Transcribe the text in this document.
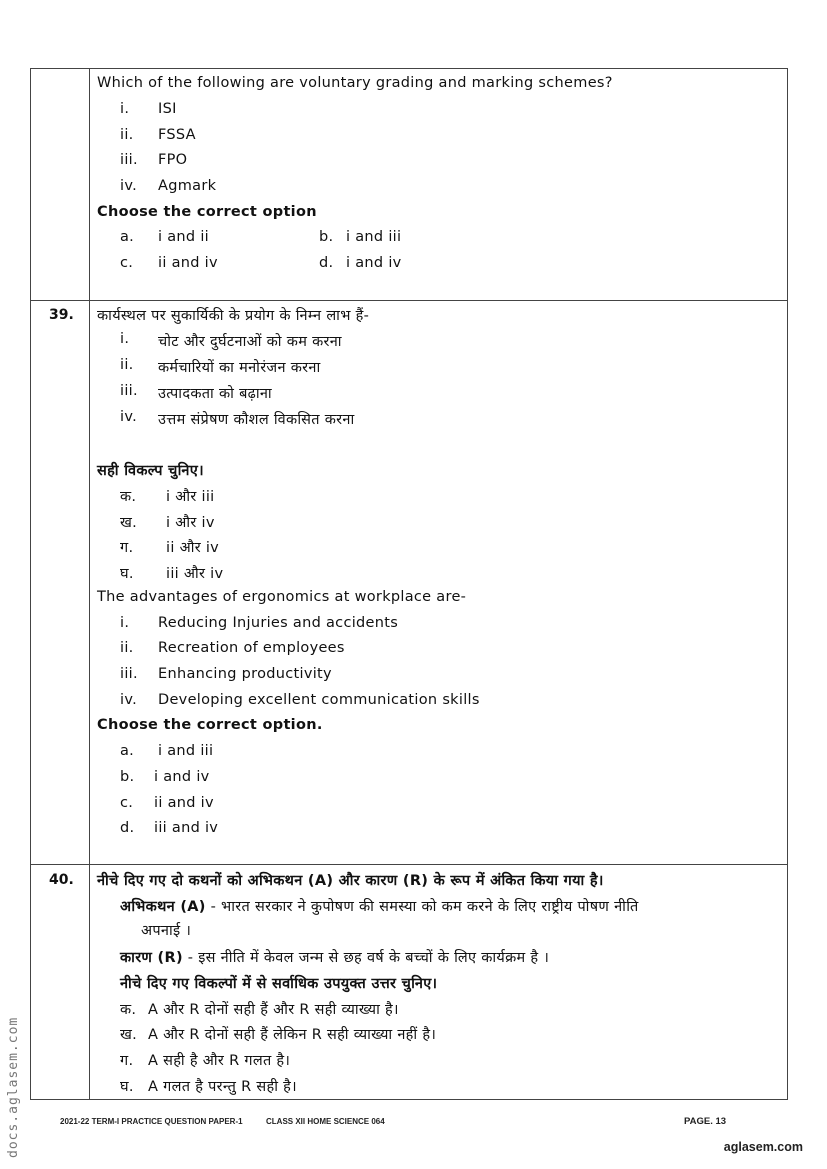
Which of the following are voluntary grading and marking schemes?
i. ISI
ii. FSSA
iii. FPO
iv. Agmark
Choose the correct option
a. i and ii	b. i and iii
c. ii and iv	d. i and iv
39. कार्यस्थल पर सुकार्यिकी के प्रयोग के निम्न लाभ हैं-
i. चोट और दुर्घटनाओं को कम करना
ii. कर्मचारियों का मनोरंजन करना
iii. उत्पादकता को बढ़ाना
iv. उत्तम संप्रेषण कौशल विकसित करना
सही विकल्प चुनिए।
क. i और iii
ख. i और iv
ग. ii और iv
घ. iii और iv
The advantages of ergonomics at workplace are-
i. Reducing Injuries and accidents
ii. Recreation of employees
iii. Enhancing productivity
iv. Developing excellent communication skills
Choose the correct option.
a. i and iii
b. i and iv
c. ii and iv
d. iii and iv
40. नीचे दिए गए दो कथनों को अभिकथन (A) और कारण (R) के रूप में अंकित किया गया है।
अभिकथन (A) - भारत सरकार ने कुपोषण की समस्या को कम करने के लिए राष्ट्रीय पोषण नीति
अपनाई ।
कारण (R) - इस नीति में केवल जन्म से छह वर्ष के बच्चों के लिए कार्यक्रम है ।
नीचे दिए गए विकल्पों में से सर्वाधिक उपयुक्त उत्तर चुनिए।
क. A और R दोनों सही हैं और R सही व्याख्या है।
ख. A और R दोनों सही हैं लेकिन R सही व्याख्या नहीं है।
ग. A सही है और R गलत है।
घ. A गलत है परन्तु R सही है।
2021-22 TERM-I PRACTICE QUESTION PAPER-1	CLASS XII HOME SCIENCE 064	PAGE. 13
aglasem.com
docs.aglasem.com
